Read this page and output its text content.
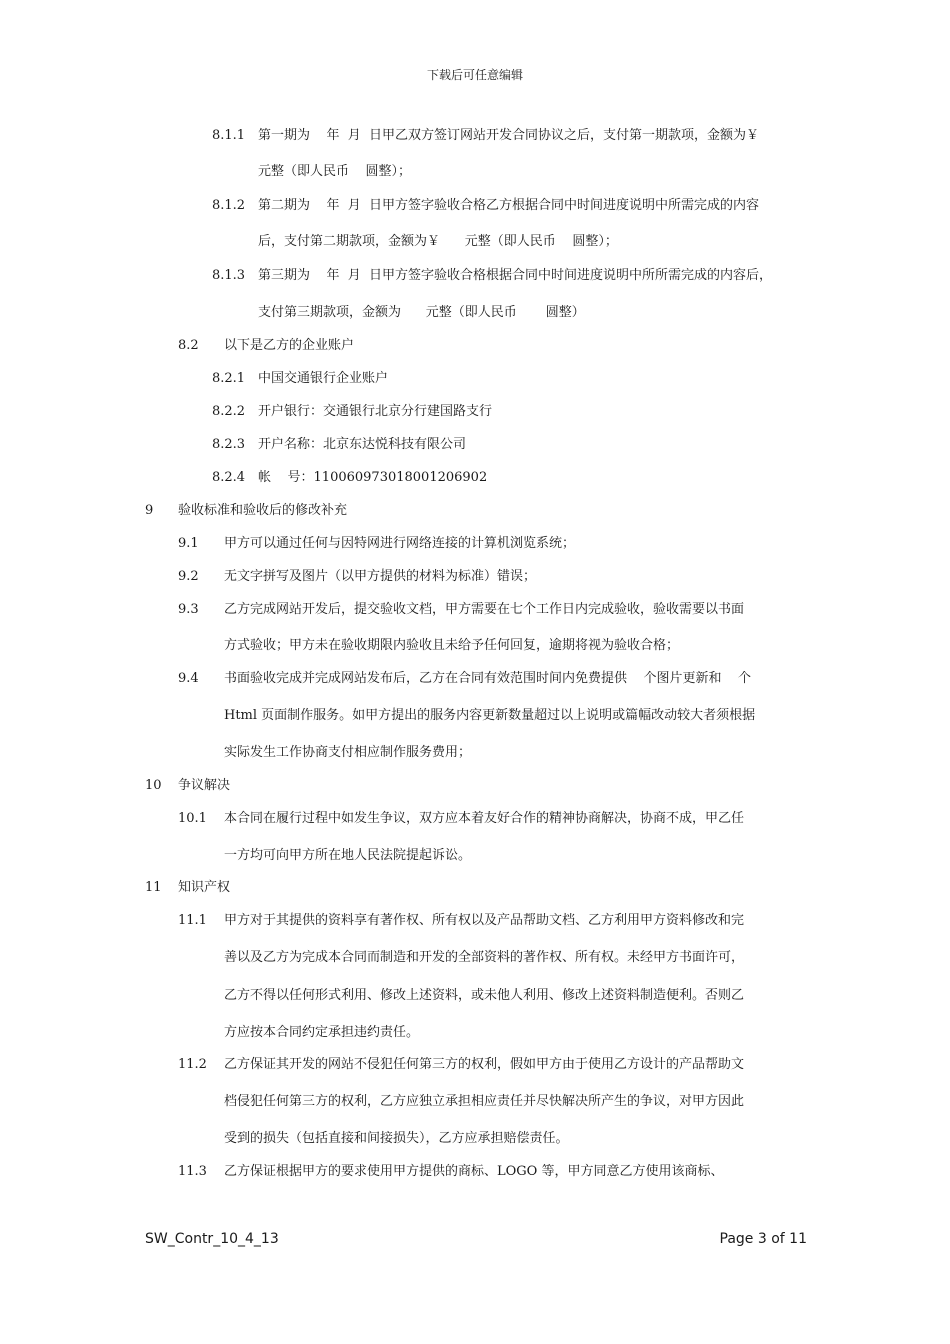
下载后可任意编辑
8.1.1 第一期为    年  月  日甲乙双方签订网站开发合同协议之后，支付第一期款项，金额为￥
元整（即人民币    圆整）；
8.1.2 第二期为    年  月  日甲方签字验收合格乙方根据合同中时间进度说明中所需完成的内容
后，支付第二期款项，金额为￥      元整（即人民币    圆整）；
8.1.3 第三期为    年  月  日甲方签字验收合格根据合同中时间进度说明中所所需完成的内容后，
支付第三期款项，金额为      元整（即人民币       圆整）
8.2 以下是乙方的企业账户
8.2.1 中国交通银行企业账户
8.2.2 开户银行：交通银行北京分行建国路支行
8.2.3 开户名称：北京东达悦科技有限公司
8.2.4 帐    号：110060973018001206902
9 验收标准和验收后的修改补充
9.1 甲方可以通过任何与因特网进行网络连接的计算机浏览系统；
9.2 无文字拼写及图片（以甲方提供的材料为标准）错误；
9.3 乙方完成网站开发后，提交验收文档，甲方需要在七个工作日内完成验收，验收需要以书面
方式验收；甲方未在验收期限内验收且未给予任何回复，逾期将视为验收合格；
9.4 书面验收完成并完成网站发布后，乙方在合同有效范围时间内免费提供    个图片更新和    个
Html 页面制作服务。如甲方提出的服务内容更新数量超过以上说明或篇幅改动较大者须根据
实际发生工作协商支付相应制作服务费用；
10 争议解决
10.1 本合同在履行过程中如发生争议，双方应本着友好合作的精神协商解决，协商不成，甲乙任
一方均可向甲方所在地人民法院提起诉讼。
11 知识产权
11.1 甲方对于其提供的资料享有著作权、所有权以及产品帮助文档、乙方利用甲方资料修改和完
善以及乙方为完成本合同而制造和开发的全部资料的著作权、所有权。未经甲方书面许可，
乙方不得以任何形式利用、修改上述资料，或未他人利用、修改上述资料制造便利。否则乙
方应按本合同约定承担违约责任。
11.2 乙方保证其开发的网站不侵犯任何第三方的权利，假如甲方由于使用乙方设计的产品帮助文
档侵犯任何第三方的权利，乙方应独立承担相应责任并尽快解决所产生的争议，对甲方因此
受到的损失（包括直接和间接损失），乙方应承担赔偿责任。
11.3 乙方保证根据甲方的要求使用甲方提供的商标、LOGO 等，甲方同意乙方使用该商标、
SW_Contr_10_4_13	Page 3 of 11
